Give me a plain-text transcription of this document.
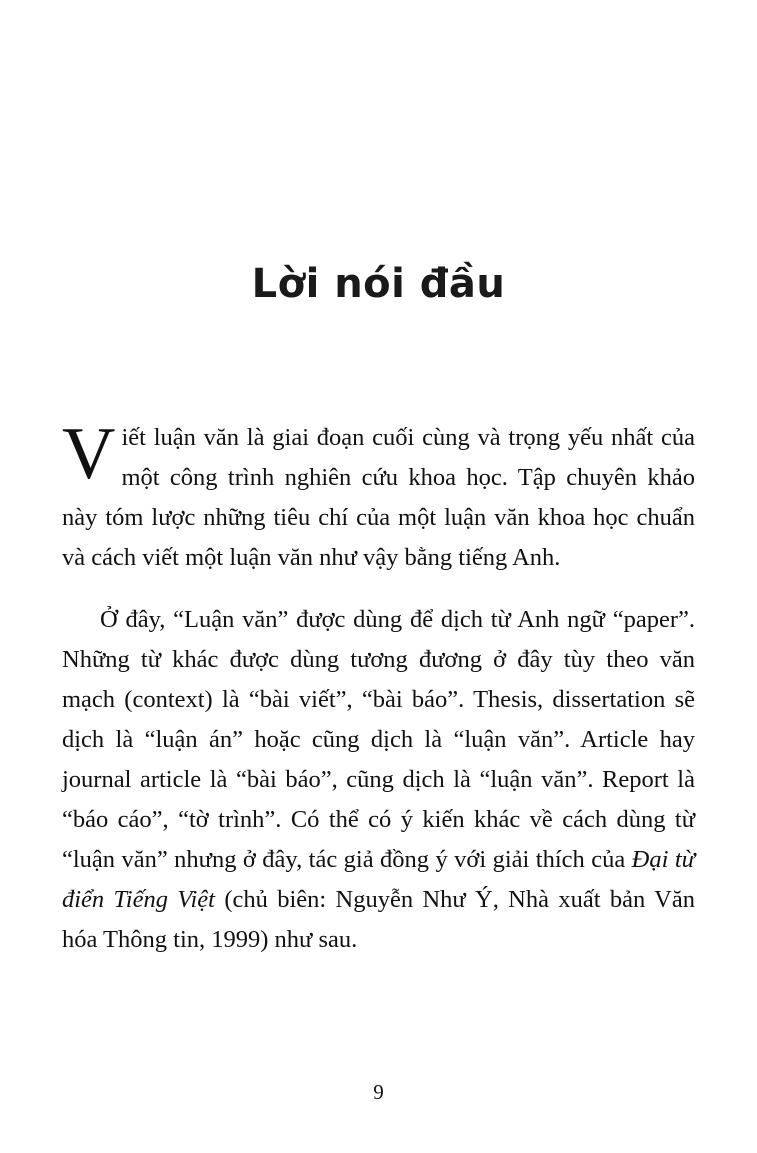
Lời nói đầu

Viết luận văn là giai đoạn cuối cùng và trọng yếu nhất của một công trình nghiên cứu khoa học. Tập chuyên khảo này tóm lược những tiêu chí của một luận văn khoa học chuẩn và cách viết một luận văn như vậy bằng tiếng Anh.

Ở đây, “Luận văn” được dùng để dịch từ Anh ngữ “paper”. Những từ khác được dùng tương đương ở đây tùy theo văn mạch (context) là “bài viết”, “bài báo”. Thesis, dissertation sẽ dịch là “luận án” hoặc cũng dịch là “luận văn”. Article hay journal article là “bài báo”, cũng dịch là “luận văn”. Report là “báo cáo”, “tờ trình”. Có thể có ý kiến khác về cách dùng từ “luận văn” nhưng ở đây, tác giả đồng ý với giải thích của Đại từ điển Tiếng Việt (chủ biên: Nguyễn Như Ý, Nhà xuất bản Văn hóa Thông tin, 1999) như sau.

9
